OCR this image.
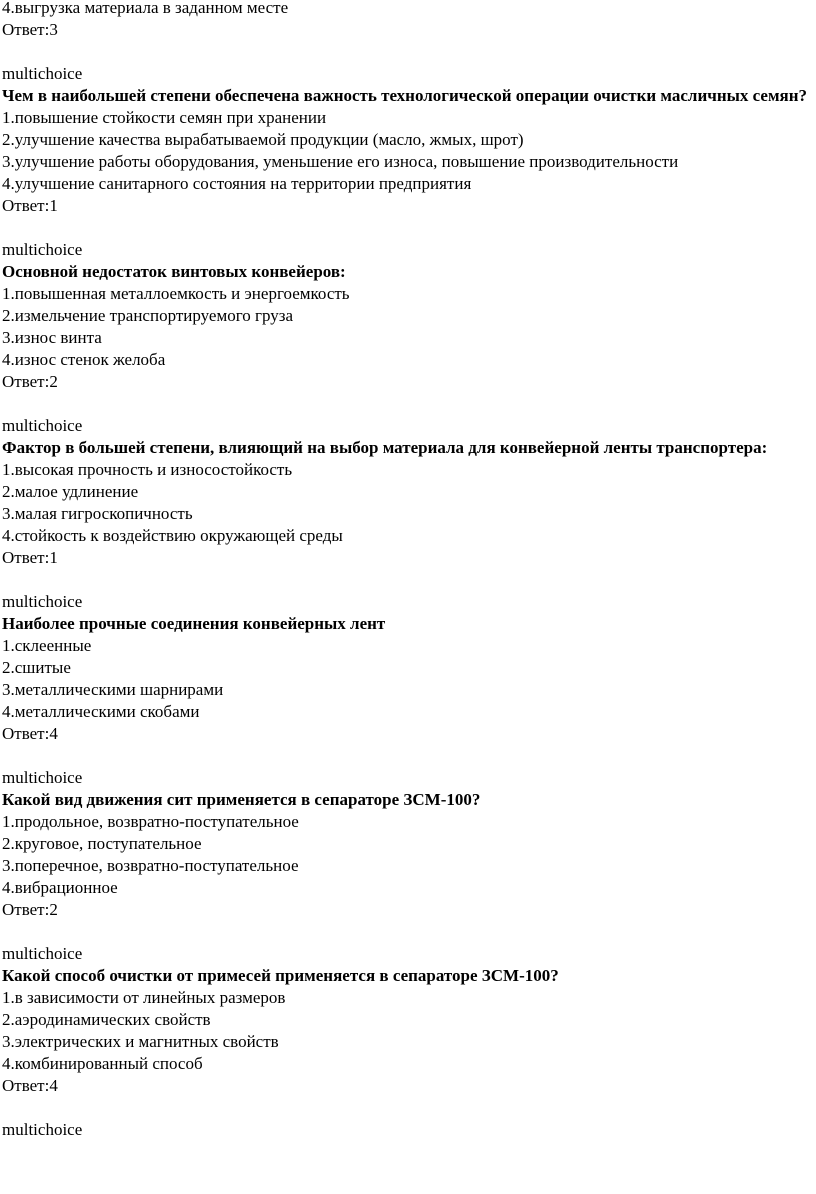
4.выгрузка материала в заданном месте
Ответ:3
multichoice
Чем в наибольшей степени обеспечена важность технологической операции очистки масличных семян?
1.повышение стойкости семян при хранении
2.улучшение качества вырабатываемой продукции (масло, жмых, шрот)
3.улучшение работы оборудования, уменьшение его износа, повышение производительности
4.улучшение санитарного состояния на территории предприятия
Ответ:1
multichoice
Основной недостаток винтовых конвейеров:
1.повышенная металлоемкость и энергоемкость
2.измельчение транспортируемого груза
3.износ винта
4.износ стенок желоба
Ответ:2
multichoice
Фактор в большей степени, влияющий на выбор материала для конвейерной ленты транспортера:
1.высокая прочность и износостойкость
2.малое удлинение
3.малая гигроскопичность
4.стойкость к воздействию окружающей среды
Ответ:1
multichoice
Наиболее прочные соединения конвейерных лент
1.склеенные
2.сшитые
3.металлическими шарнирами
4.металлическими скобами
Ответ:4
multichoice
Какой вид движения сит применяется в сепараторе ЗСМ-100?
1.продольное, возвратно-поступательное
2.круговое, поступательное
3.поперечное, возвратно-поступательное
4.вибрационное
Ответ:2
multichoice
Какой способ очистки от примесей применяется в сепараторе ЗСМ-100?
1.в зависимости от линейных размеров
2.аэродинамических свойств
3.электрических и магнитных свойств
4.комбинированный способ
Ответ:4
multichoice
